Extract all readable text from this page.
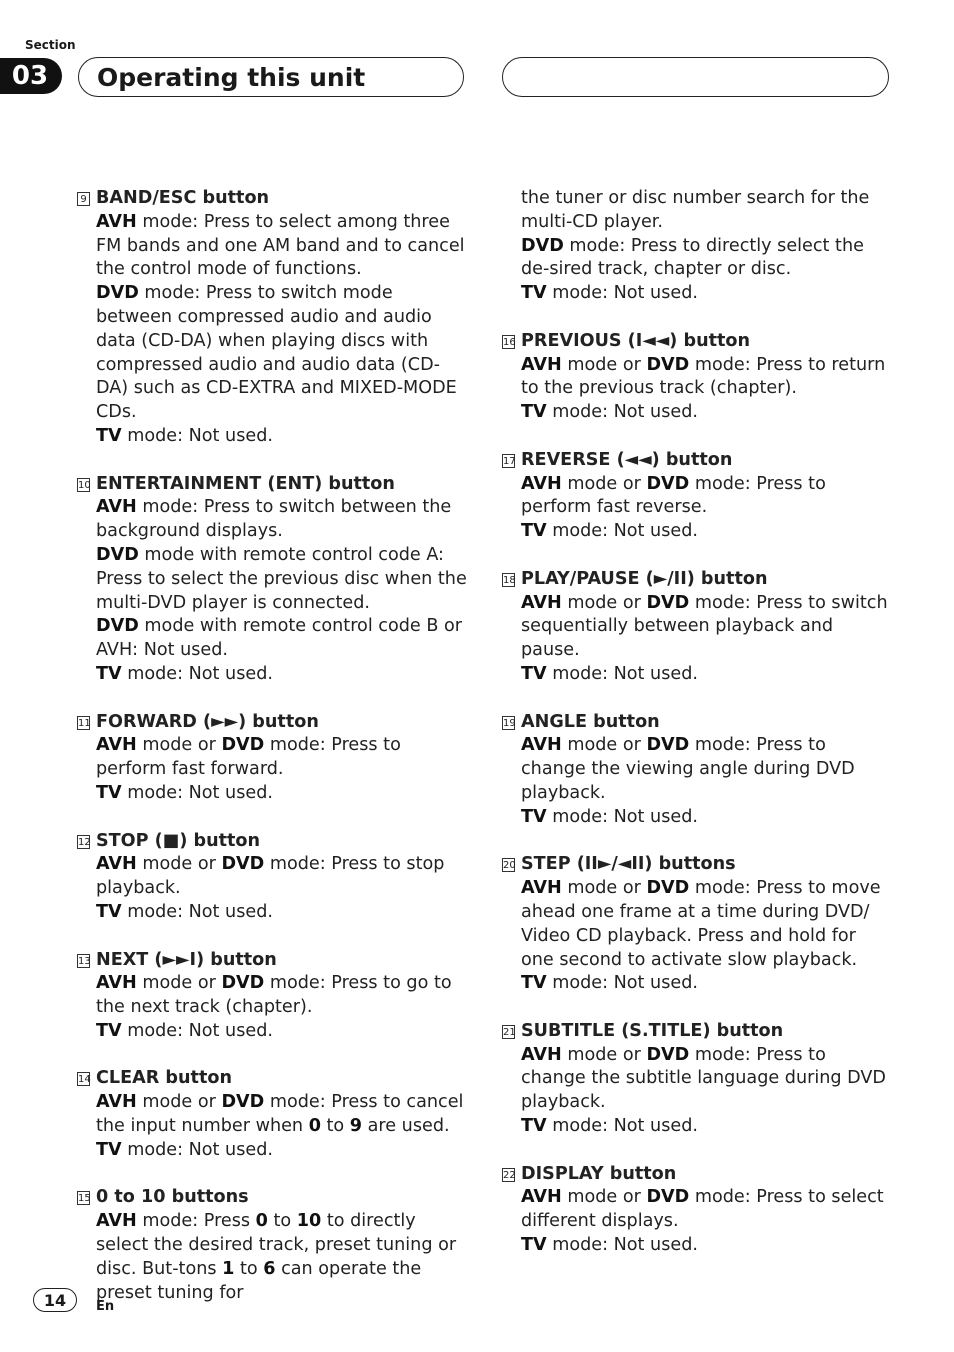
Section
03	Operating this unit
9 BAND/ESC button

AVH mode: Press to select among three FM bands and one AM band and to cancel the control mode of functions.

DVD mode: Press to switch mode between compressed audio and audio data (CD-DA) when playing discs with compressed audio and audio data (CD-DA) such as CD-EXTRA and MIXED-MODE CDs.

TV mode: Not used.

10 ENTERTAINMENT (ENT) button

AVH mode: Press to switch between the background displays.

DVD mode with remote control code A: Press to select the previous disc when the multi-DVD player is connected.

DVD mode with remote control code B or AVH: Not used.

TV mode: Not used.

11 FORWARD (►►) button

AVH mode or DVD mode: Press to perform fast forward.

TV mode: Not used.

12 STOP (■) button

AVH mode or DVD mode: Press to stop playback.

TV mode: Not used.

13 NEXT (►►I) button

AVH mode or DVD mode: Press to go to the next track (chapter).

TV mode: Not used.

14 CLEAR button

AVH mode or DVD mode: Press to cancel the input number when 0 to 9 are used.

TV mode: Not used.

15 0 to 10 buttons

AVH mode: Press 0 to 10 to directly select the desired track, preset tuning or disc. But-tons 1 to 6 can operate the preset tuning for

the tuner or disc number search for the multi-CD player.

DVD mode: Press to directly select the de-sired track, chapter or disc.

TV mode: Not used.

16 PREVIOUS (I◄◄) button

AVH mode or DVD mode: Press to return to the previous track (chapter).

TV mode: Not used.

17 REVERSE (◄◄) button

AVH mode or DVD mode: Press to perform fast reverse.

TV mode: Not used.

18 PLAY/PAUSE (►/II) button

AVH mode or DVD mode: Press to switch sequentially between playback and pause.

TV mode: Not used.

19 ANGLE button

AVH mode or DVD mode: Press to change the viewing angle during DVD playback.

TV mode: Not used.

20 STEP (II►/◄II) buttons

AVH mode or DVD mode: Press to move ahead one frame at a time during DVD/ Video CD playback. Press and hold for one second to activate slow playback.

TV mode: Not used.

21 SUBTITLE (S.TITLE) button

AVH mode or DVD mode: Press to change the subtitle language during DVD playback.

TV mode: Not used.

22 DISPLAY button

AVH mode or DVD mode: Press to select different displays.

TV mode: Not used.

14	En
